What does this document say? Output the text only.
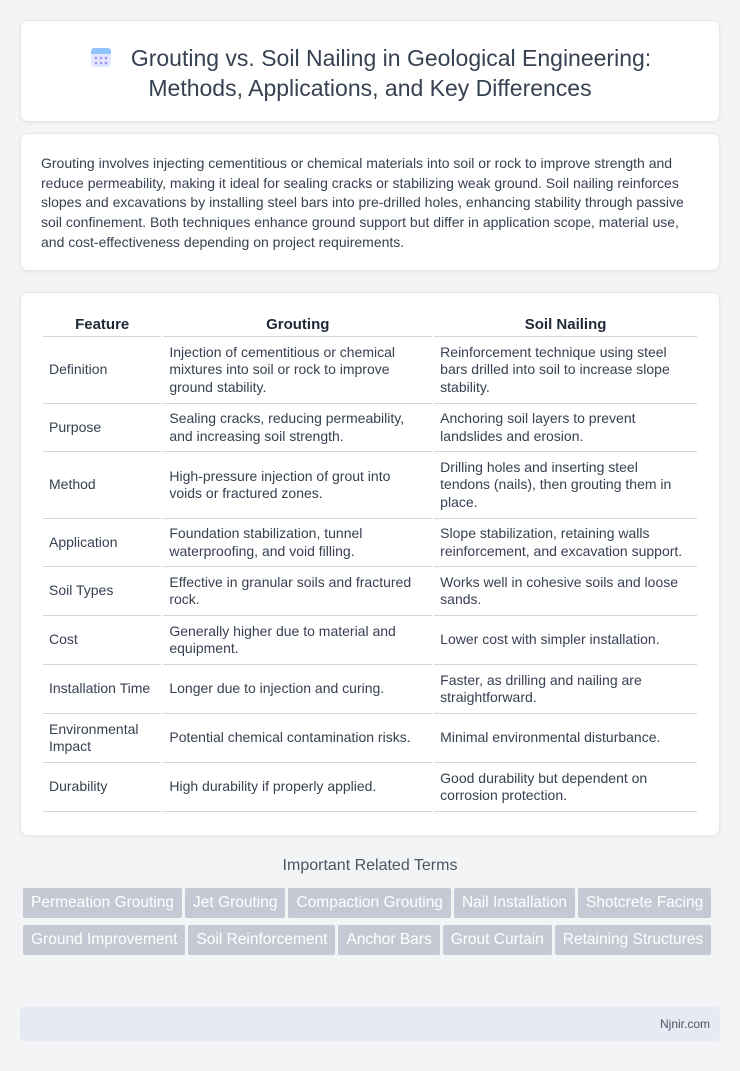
Grouting vs. Soil Nailing in Geological Engineering:
Methods, Applications, and Key Differences

Grouting involves injecting cementitious or chemical materials into soil or rock to improve strength and reduce permeability, making it ideal for sealing cracks or stabilizing weak ground. Soil nailing reinforces slopes and excavations by installing steel bars into pre-drilled holes, enhancing stability through passive soil confinement. Both techniques enhance ground support but differ in application scope, material use, and cost-effectiveness depending on project requirements.

Feature	Grouting	Soil Nailing
Definition	Injection of cementitious or chemical mixtures into soil or rock to improve ground stability.	Reinforcement technique using steel bars drilled into soil to increase slope stability.
Purpose	Sealing cracks, reducing permeability, and increasing soil strength.	Anchoring soil layers to prevent landslides and erosion.
Method	High-pressure injection of grout into voids or fractured zones.	Drilling holes and inserting steel tendons (nails), then grouting them in place.
Application	Foundation stabilization, tunnel waterproofing, and void filling.	Slope stabilization, retaining walls reinforcement, and excavation support.
Soil Types	Effective in granular soils and fractured rock.	Works well in cohesive soils and loose sands.
Cost	Generally higher due to material and equipment.	Lower cost with simpler installation.
Installation Time	Longer due to injection and curing.	Faster, as drilling and nailing are straightforward.
Environmental Impact	Potential chemical contamination risks.	Minimal environmental disturbance.
Durability	High durability if properly applied.	Good durability but dependent on corrosion protection.
Important Related Terms
Permeation Grouting Jet Grouting Compaction Grouting Nail Installation Shotcrete FacingGround Improvement Soil Reinforcement Anchor Bars Grout Curtain Retaining Structures
Njnir.com
